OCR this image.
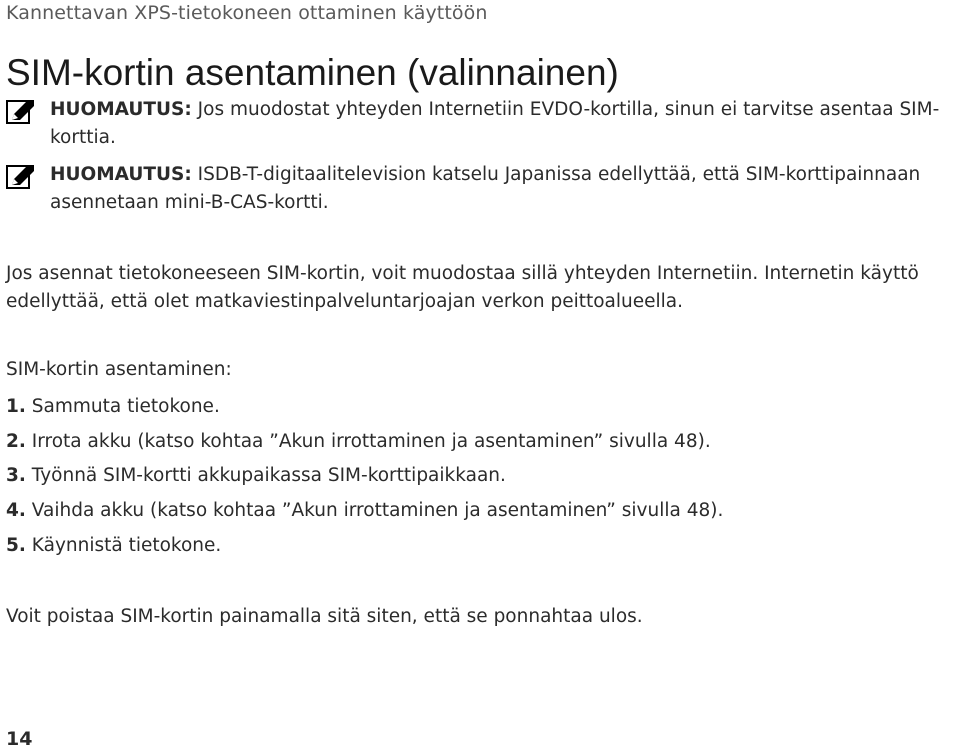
Kannettavan XPS-tietokoneen ottaminen käyttöön
SIM-kortin asentaminen (valinnainen)
HUOMAUTUS: Jos muodostat yhteyden Internetiin EVDO-kortilla, sinun ei tarvitse asentaa SIM-korttia.
HUOMAUTUS: ISDB-T-digitaalitelevision katselu Japanissa edellyttää, että SIM-korttipainnaan asennetaan mini-B-CAS-kortti.

Jos asennat tietokoneeseen SIM-kortin, voit muodostaa sillä yhteyden Internetiin. Internetin käyttö edellyttää, että olet matkaviestinpalveluntarjoajan verkon peittoalueella.

SIM-kortin asentaminen:

1. Sammuta tietokone.
2. Irrota akku (katso kohtaa ”Akun irrottaminen ja asentaminen” sivulla 48).
3. Työnnä SIM-kortti akkupaikassa SIM-korttipaikkaan.
4. Vaihda akku (katso kohtaa ”Akun irrottaminen ja asentaminen” sivulla 48).
5. Käynnistä tietokone.

Voit poistaa SIM-kortin painamalla sitä siten, että se ponnahtaa ulos.

14
